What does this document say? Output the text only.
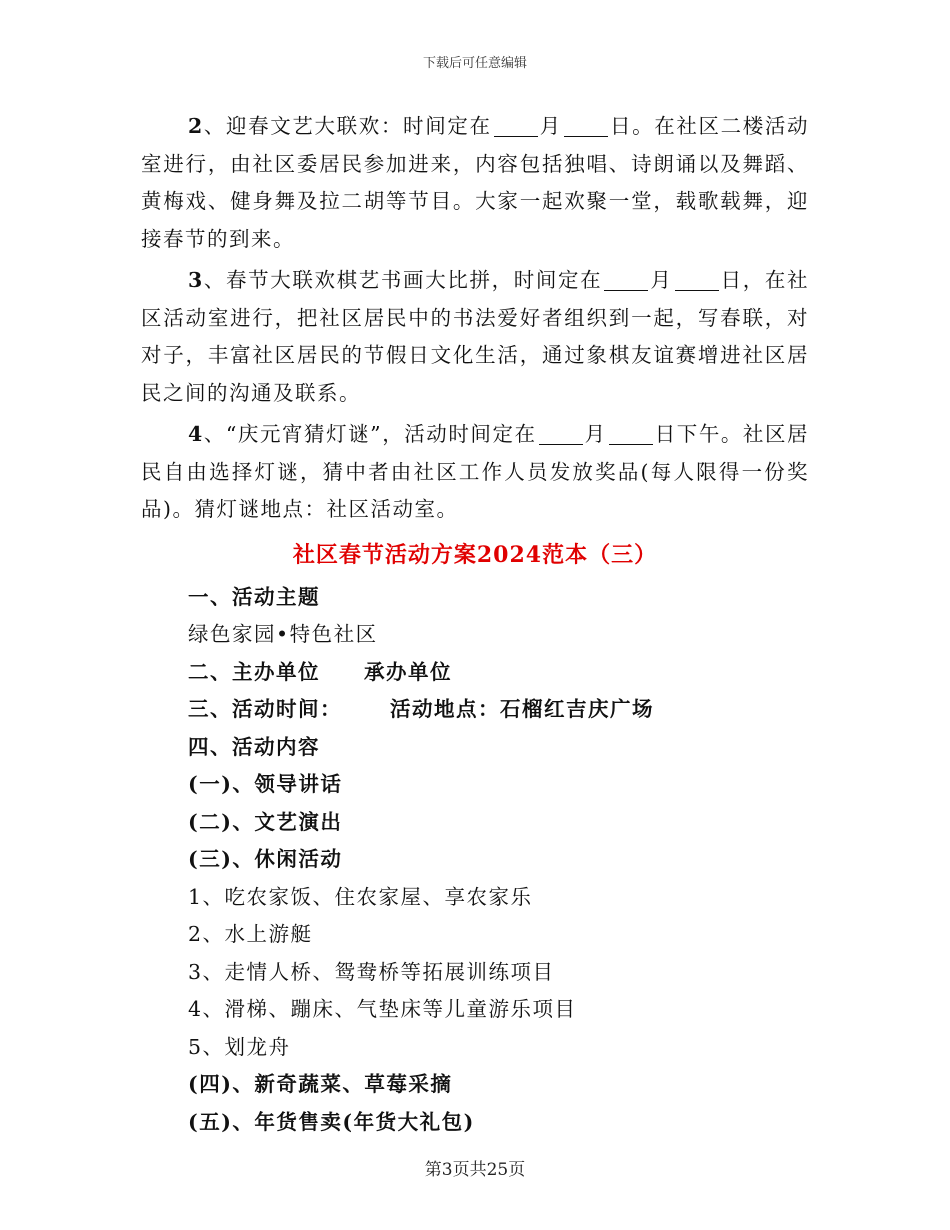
下载后可任意编辑

2、迎春文艺大联欢：时间定在 月 日。在社区二楼活动室进行，由社区委居民参加进来，内容包括独唱、诗朗诵以及舞蹈、黄梅戏、健身舞及拉二胡等节目。大家一起欢聚一堂，载歌载舞，迎接春节的到来。

3、春节大联欢棋艺书画大比拼，时间定在 月 日，在社区活动室进行，把社区居民中的书法爱好者组织到一起，写春联，对对子，丰富社区居民的节假日文化生活，通过象棋友谊赛增进社区居民之间的沟通及联系。

4、“庆元宵猜灯谜”，活动时间定在 月 日下午。社区居民自由选择灯谜，猜中者由社区工作人员发放奖品(每人限得一份奖品)。猜灯谜地点：社区活动室。

社区春节活动方案2024范本（三）

一、活动主题

绿色家园•特色社区

二、主办单位 承办单位

三、活动时间： 活动地点：石榴红吉庆广场

四、活动内容

(一)、领导讲话

(二)、文艺演出

(三)、休闲活动

1、吃农家饭、住农家屋、享农家乐

2、水上游艇

3、走情人桥、鸳鸯桥等拓展训练项目

4、滑梯、蹦床、气垫床等儿童游乐项目

5、划龙舟

(四)、新奇蔬菜、草莓采摘

(五)、年货售卖(年货大礼包)

第3页共25页
